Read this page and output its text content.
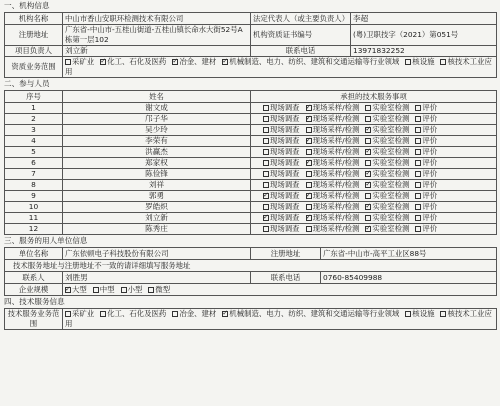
一、机构信息
机构名称	中山市香山安职环检测技术有限公司	法定代表人（或主要负责人）	李超
注册地址	广东省-中山市-五桂山街道-五桂山镇长命水大街52号A栋第一层102	机构资质证书编号	(粤)卫职技字（2021）第051号
项目负责人	刘立新	联系电话	13971832252
资质业务范围	采矿业 ✓ 化工、石化及医药 ✓ 冶金、建材 ✓ 机械制造、电力、纺织、建筑和交通运输等行业领域 核设施 核技术工业应用
二、参与人员
序号	姓名	承担的技术服务事项
1	谢文成	现场调查 ✓ 现场采样/检测 实验室检测 评价
2	邝子华	现场调查 ✓ 现场采样/检测 实验室检测 评价
3	吴少玲	现场调查 现场采样/检测 ✓ 实验室检测 评价
4	李荣有	现场调查 ✓ 现场采样/检测 实验室检测 评价
5	洪赢杰	现场调查 现场采样/检测 ✓ 实验室检测 评价
6	郑家权	现场调查 ✓ 现场采样/检测 实验室检测 评价
7	陈俭锋	现场调查 现场采样/检测 ✓ 实验室检测 评价
8	刘祥	现场调查 现场采样/检测 ✓ 实验室检测 评价
9	郭勇	✓现场调查 ✓ 现场采样/检测 实验室检测 评价
10	罗皓炽	现场调查 现场采样/检测 ✓ 实验室检测 评价
11	刘立新	✓现场调查 ✓ 现场采样/检测 实验室检测 评价
12	陈秀庄	现场调查 现场采样/检测 ✓ 实验室检测 评价
三、服务的用人单位信息
单位名称	广东依顿电子科技股份有限公司	注册地址	广东省-中山市-高平工业区88号
技术服务地址与注册地址不一致的请详细填写服务地址			
联系人	刘胜男	联系电话	0760-85409988
企业规模	✓大型 中型 小型 微型
四、技术服务信息
技术服务业务范围	采矿业 化工、石化及医药 冶金、建材 ✓ 机械制造、电力、纺织、建筑和交通运输等行业领域 核设施 核技术工业应用
